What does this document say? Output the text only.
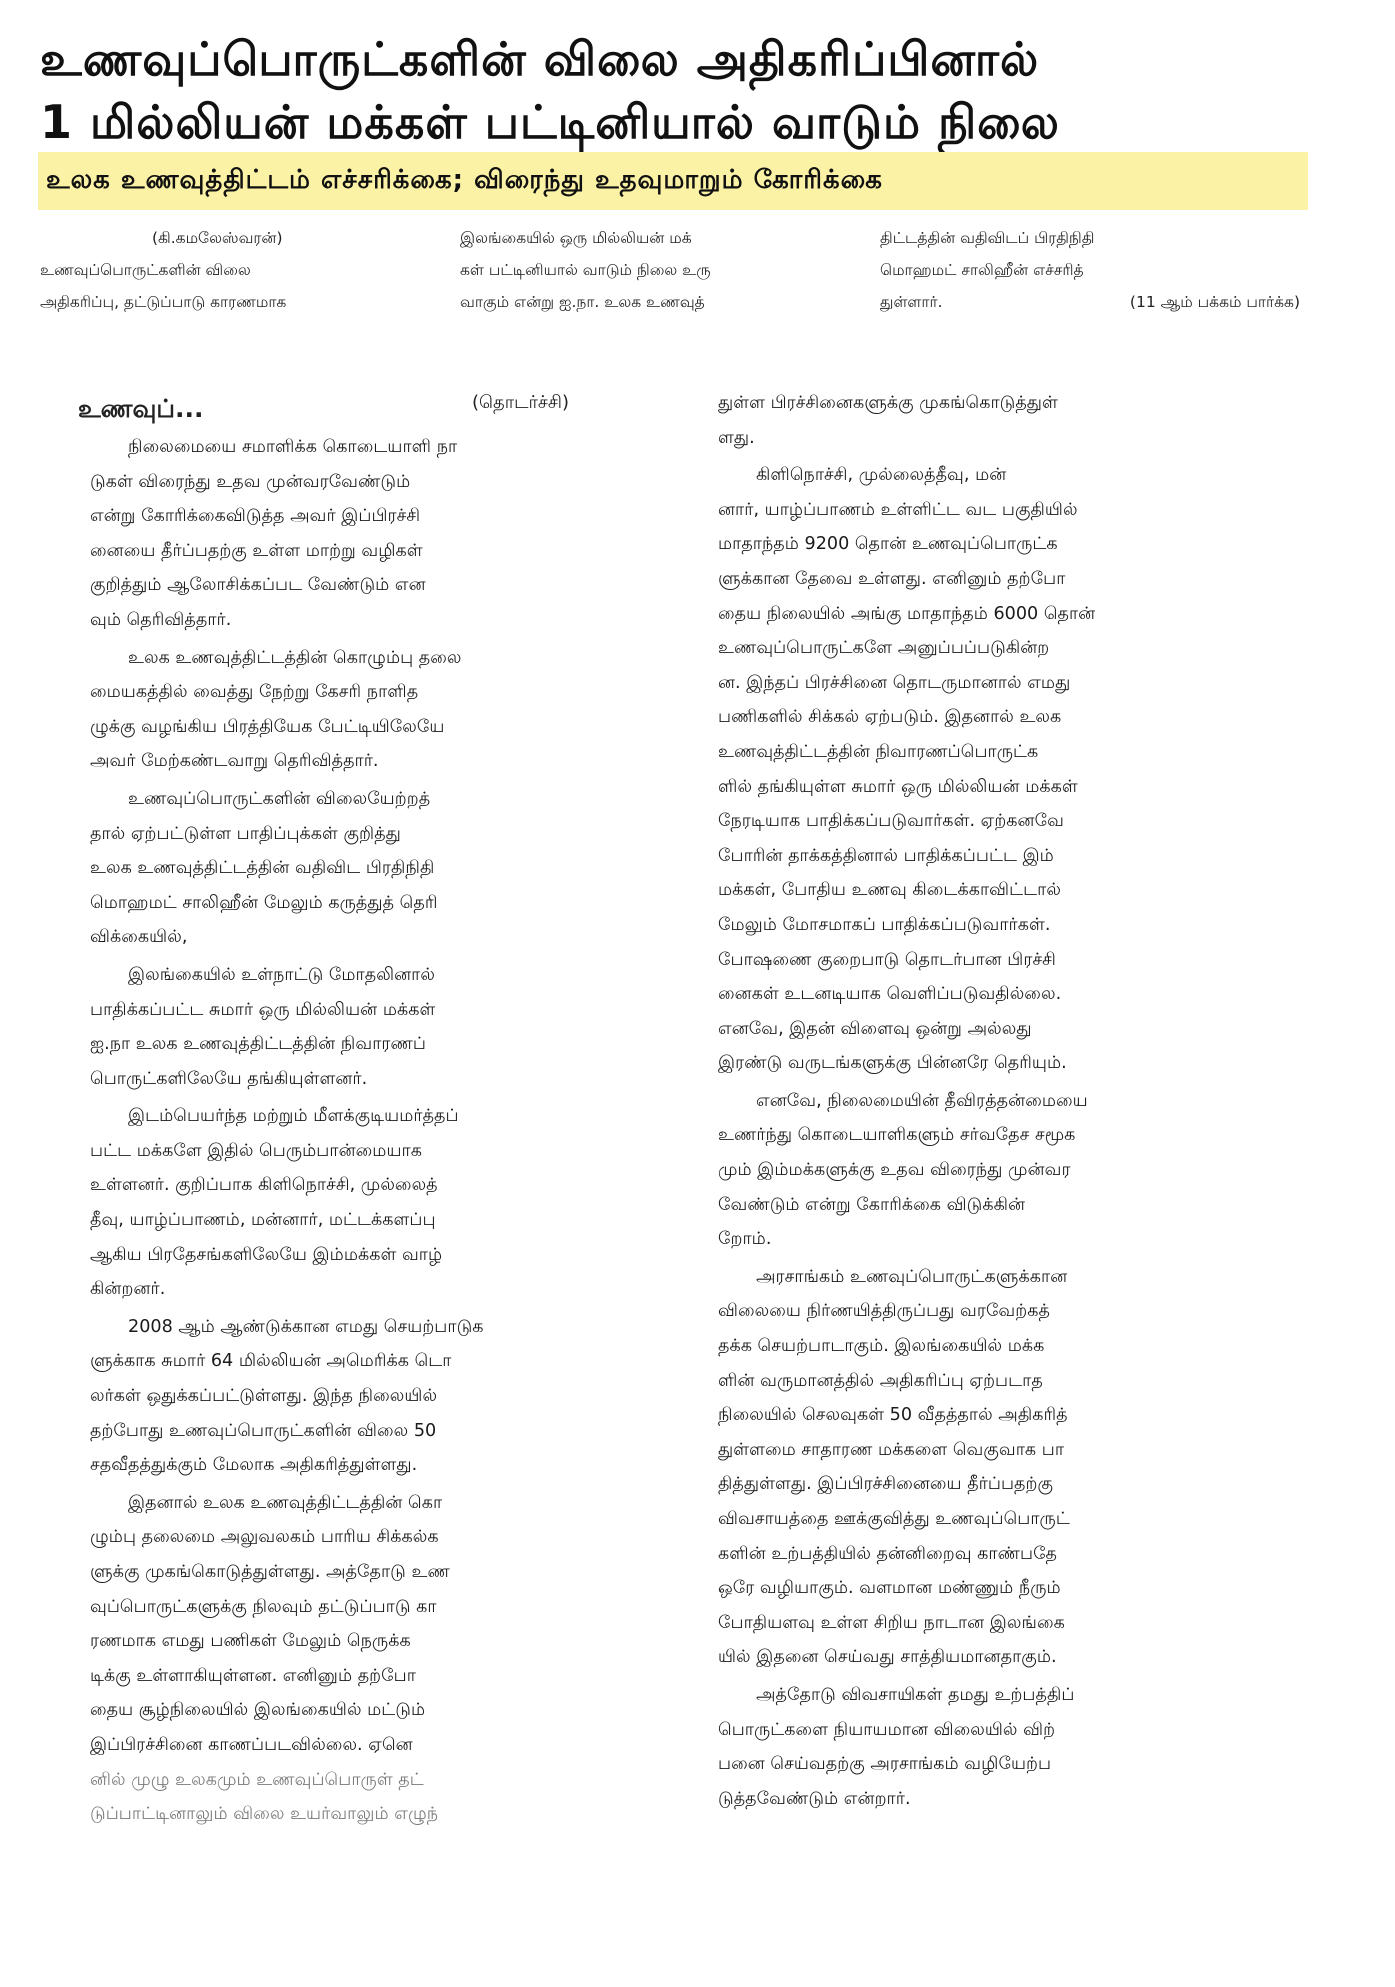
உணவுப்பொருட்களின் விலை அதிகரிப்பினால்
1 மில்லியன் மக்கள் பட்டினியால் வாடும் நிலை
உலக உணவுத்திட்டம் எச்சரிக்கை; விரைந்து உதவுமாறும் கோரிக்கை
(கி.கமலேஸ்வரன்)
உணவுப்பொருட்களின் விலை
அதிகரிப்பு, தட்டுப்பாடு காரணமாக
இலங்கையில் ஒரு மில்லியன் மக்
கள் பட்டினியால் வாடும் நிலை உரு
வாகும் என்று ஐ.நா. உலக உணவுத்
திட்டத்தின் வதிவிடப் பிரதிநிதி
மொஹமட் சாலிஹீன் எச்சரித்
துள்ளார்.	(11 ஆம் பக்கம் பார்க்க)
உணவுப்...	(தொடர்ச்சி)
நிலைமையை சமாளிக்க கொடையாளி நா
டுகள் விரைந்து உதவ முன்வரவேண்டும்
என்று கோரிக்கைவிடுத்த அவர் இப்பிரச்சி
னையை தீர்ப்பதற்கு உள்ள மாற்று வழிகள்
குறித்தும் ஆலோசிக்கப்பட வேண்டும் என
வும் தெரிவித்தார்.
உலக உணவுத்திட்டத்தின் கொழும்பு தலை
மையகத்தில் வைத்து நேற்று கேசரி நாளித
ழுக்கு வழங்கிய பிரத்தியேக பேட்டியிலேயே
அவர் மேற்கண்டவாறு தெரிவித்தார்.
உணவுப்பொருட்களின் விலையேற்றத்
தால் ஏற்பட்டுள்ள பாதிப்புக்கள் குறித்து
உலக உணவுத்திட்டத்தின் வதிவிட பிரதிநிதி
மொஹமட் சாலிஹீன் மேலும் கருத்துத் தெரி
விக்கையில்,
இலங்கையில் உள்நாட்டு மோதலினால்
பாதிக்கப்பட்ட சுமார் ஒரு மில்லியன் மக்கள்
ஐ.நா உலக உணவுத்திட்டத்தின் நிவாரணப்
பொருட்களிலேயே தங்கியுள்ளனர்.
இடம்பெயர்ந்த மற்றும் மீளக்குடியமர்த்தப்
பட்ட மக்களே இதில் பெரும்பான்மையாக
உள்ளனர். குறிப்பாக கிளிநொச்சி, முல்லைத்
தீவு, யாழ்ப்பாணம், மன்னார், மட்டக்களப்பு
ஆகிய பிரதேசங்களிலேயே இம்மக்கள் வாழ்
கின்றனர்.
2008 ஆம் ஆண்டுக்கான எமது செயற்பாடுக
ளுக்காக சுமார் 64 மில்லியன் அமெரிக்க டொ
லர்கள் ஒதுக்கப்பட்டுள்ளது. இந்த நிலையில்
தற்போது உணவுப்பொருட்களின் விலை 50
சதவீதத்துக்கும் மேலாக அதிகரித்துள்ளது.
இதனால் உலக உணவுத்திட்டத்தின் கொ
ழும்பு தலைமை அலுவலகம் பாரிய சிக்கல்க
ளுக்கு முகங்கொடுத்துள்ளது. அத்தோடு உண
வுப்பொருட்களுக்கு நிலவும் தட்டுப்பாடு கா
ரணமாக எமது பணிகள் மேலும் நெருக்க
டிக்கு உள்ளாகியுள்ளன. எனினும் தற்போ
தைய சூழ்நிலையில் இலங்கையில் மட்டும்
இப்பிரச்சினை காணப்படவில்லை. ஏனெ
னில் முழு உலகமும் உணவுப்பொருள் தட்
டுப்பாட்டினாலும் விலை உயர்வாலும் எழுந்
துள்ள பிரச்சினைகளுக்கு முகங்கொடுத்துள்
ளது.
கிளிநொச்சி, முல்லைத்தீவு, மன்
னார், யாழ்ப்பாணம் உள்ளிட்ட வட பகுதியில்
மாதாந்தம் 9200 தொன் உணவுப்பொருட்க
ளுக்கான தேவை உள்ளது. எனினும் தற்போ
தைய நிலையில் அங்கு மாதாந்தம் 6000 தொன்
உணவுப்பொருட்களே அனுப்பப்படுகின்ற
ன. இந்தப் பிரச்சினை தொடருமானால் எமது
பணிகளில் சிக்கல் ஏற்படும். இதனால் உலக
உணவுத்திட்டத்தின் நிவாரணப்பொருட்க
ளில் தங்கியுள்ள சுமார் ஒரு மில்லியன் மக்கள்
நேரடியாக பாதிக்கப்படுவார்கள். ஏற்கனவே
போரின் தாக்கத்தினால் பாதிக்கப்பட்ட இம்
மக்கள், போதிய உணவு கிடைக்காவிட்டால்
மேலும் மோசமாகப் பாதிக்கப்படுவார்கள்.
போஷணை குறைபாடு தொடர்பான பிரச்சி
னைகள் உடனடியாக வெளிப்படுவதில்லை.
எனவே, இதன் விளைவு ஒன்று அல்லது
இரண்டு வருடங்களுக்கு பின்னரே தெரியும்.
எனவே, நிலைமையின் தீவிரத்தன்மையை
உணர்ந்து கொடையாளிகளும் சர்வதேச சமூக
மும் இம்மக்களுக்கு உதவ விரைந்து முன்வர
வேண்டும் என்று கோரிக்கை விடுக்கின்
றோம்.
அரசாங்கம் உணவுப்பொருட்களுக்கான
விலையை நிர்ணயித்திருப்பது வரவேற்கத்
தக்க செயற்பாடாகும். இலங்கையில் மக்க
ளின் வருமானத்தில் அதிகரிப்பு ஏற்படாத
நிலையில் செலவுகள் 50 வீதத்தால் அதிகரித்
துள்ளமை சாதாரண மக்களை வெகுவாக பா
தித்துள்ளது. இப்பிரச்சினையை தீர்ப்பதற்கு
விவசாயத்தை ஊக்குவித்து உணவுப்பொருட்
களின் உற்பத்தியில் தன்னிறைவு காண்பதே
ஒரே வழியாகும். வளமான மண்ணும் நீரும்
போதியளவு உள்ள சிறிய நாடான இலங்கை
யில் இதனை செய்வது சாத்தியமானதாகும்.
அத்தோடு விவசாயிகள் தமது உற்பத்திப்
பொருட்களை நியாயமான விலையில் விற்
பனை செய்வதற்கு அரசாங்கம் வழியேற்ப
டுத்தவேண்டும் என்றார்.
